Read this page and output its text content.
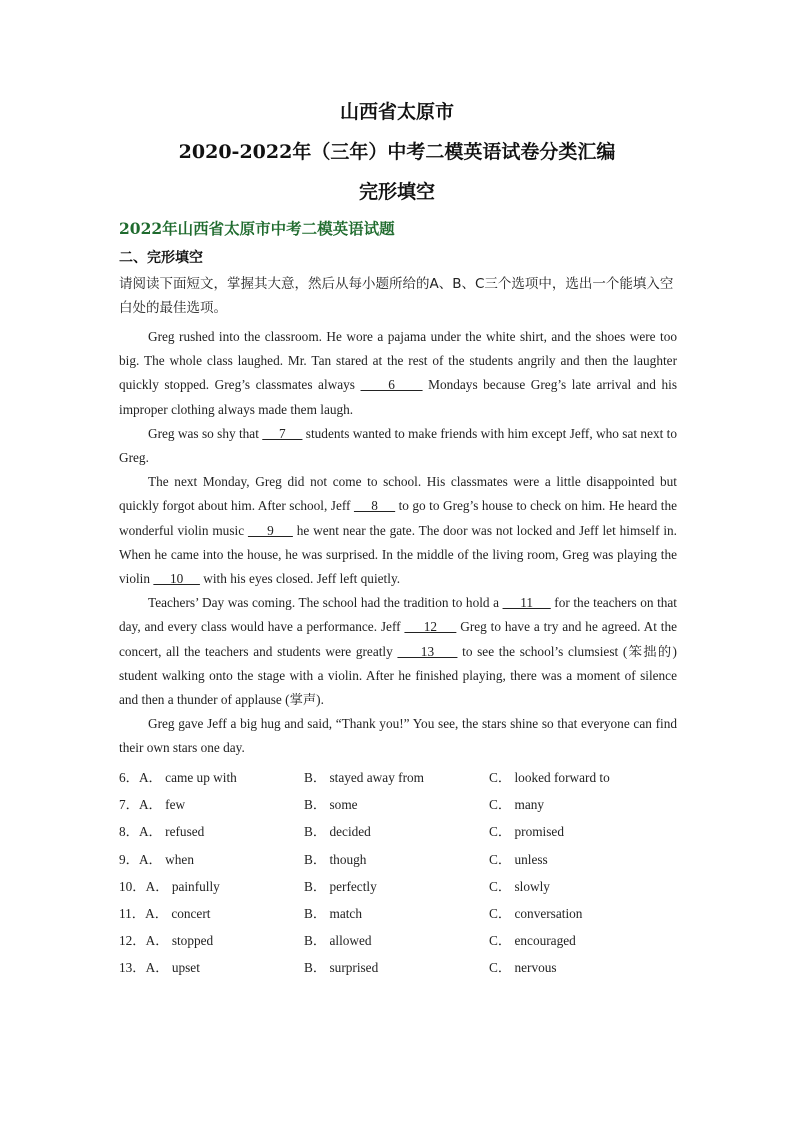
山西省太原市
2020-2022年（三年）中考二模英语试卷分类汇编
完形填空
2022年山西省太原市中考二模英语试题
二、完形填空
请阅读下面短文，掌握其大意，然后从每小题所给的A、B、C三个选项中，选出一个能填入空白处的最佳选项。

Greg rushed into the classroom. He wore a pajama under the white shirt, and the shoes were too big. The whole class laughed. Mr. Tan stared at the rest of the students angrily and then the laughter quickly stopped. Greg’s classmates always      6      Mondays because Greg’s late arrival and his improper clothing always made them laugh.

Greg was so shy that      7      students wanted to make friends with him except Jeff, who sat next to Greg.

The next Monday, Greg did not come to school. His classmates were a little disappointed but quickly forgot about him. After school, Jeff      8      to go to Greg’s house to check on him. He heard the wonderful violin music      9      he went near the gate. The door was not locked and Jeff let himself in. When he came into the house, he was surprised. In the middle of the living room, Greg was playing the violin      10      with his eyes closed. Jeff left quietly.

Teachers’ Day was coming. The school had the tradition to hold a      11      for the teachers on that day, and every class would have a performance. Jeff      12      Greg to have a try and he agreed. At the concert, all the teachers and students were greatly      13      to see the school’s clumsiest (笨拙的) student walking onto the stage with a violin. After he finished playing, there was a moment of silence and then a thunder of applause (掌声).

Greg gave Jeff a big hug and said, “Thank you!” You see, the stars shine so that everyone can find their own stars one day.

6．A． came up with	B． stayed away from	C． looked forward to
7．A． few	B． some	C． many
8．A． refused	B． decided	C． promised
9．A． when	B． though	C． unless
10．A． painfully	B． perfectly	C． slowly
11．A． concert	B． match	C． conversation
12．A． stopped	B． allowed	C． encouraged
13．A． upset	B． surprised	C． nervous
